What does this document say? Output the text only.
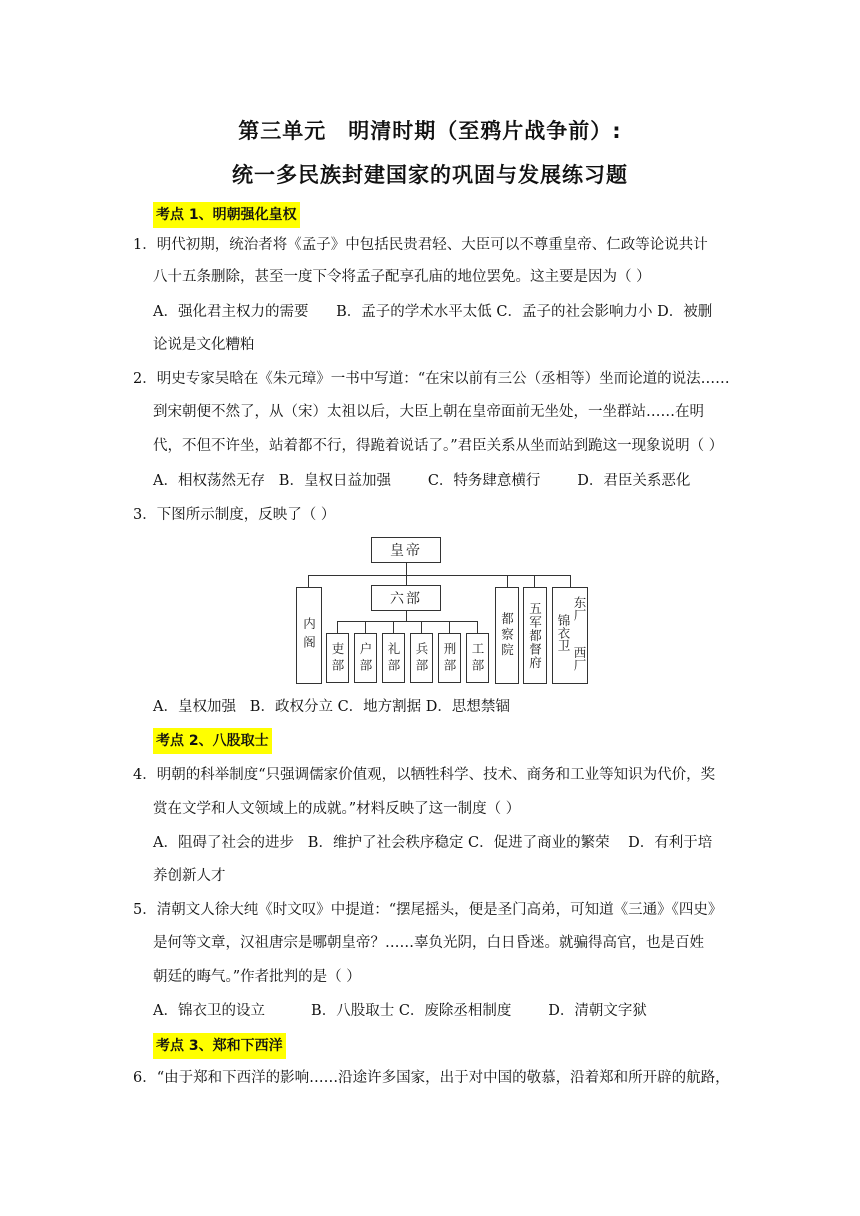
第三单元　明清时期（至鸦片战争前）:
统一多民族封建国家的巩固与发展练习题
考点 1、明朝强化皇权
1．明代初期，统治者将《孟子》中包括民贵君轻、大臣可以不尊重皇帝、仁政等论说共计
八十五条删除，甚至一度下令将孟子配享孔庙的地位罢免。这主要是因为（ ）
A．强化君主权力的需要      B．孟子的学术水平太低 C．孟子的社会影响力小 D．被删
论说是文化糟粕
2．明史专家吴晗在《朱元璋》一书中写道：“在宋以前有三公（丞相等）坐而论道的说法……
到宋朝便不然了，从（宋）太祖以后，大臣上朝在皇帝面前无坐处，一坐群站……在明
代，不但不许坐，站着都不行，得跪着说话了。”君臣关系从坐而站到跪这一现象说明（ ）
A．相权荡然无存   B．皇权日益加强        C．特务肆意横行        D．君臣关系恶化
3．下图所示制度，反映了（ ）
皇帝
内阁
六部
都察院 五军都督府 东厂
锦衣卫
西厂
吏部 户部 礼部 兵部 刑部 工部
A．皇权加强   B．政权分立 C．地方割据 D．思想禁锢
考点 2、八股取士
4．明朝的科举制度“只强调儒家价值观，以牺牲科学、技术、商务和工业等知识为代价，奖
赏在文学和人文领域上的成就。”材料反映了这一制度（ ）
A．阻碍了社会的进步   B．维护了社会秩序稳定 C．促进了商业的繁荣    D．有利于培
养创新人才
5．清朝文人徐大纯《时文叹》中提道：“摆尾摇头，便是圣门高弟，可知道《三通》《四史》
是何等文章，汉祖唐宗是哪朝皇帝？……辜负光阴，白日昏迷。就骗得高官，也是百姓
朝廷的晦气。”作者批判的是（ ）
A．锦衣卫的设立          B．八股取士 C．废除丞相制度        D．清朝文字狱
考点 3、郑和下西洋
6．“由于郑和下西洋的影响……沿途许多国家，出于对中国的敬慕，沿着郑和所开辟的航路，
